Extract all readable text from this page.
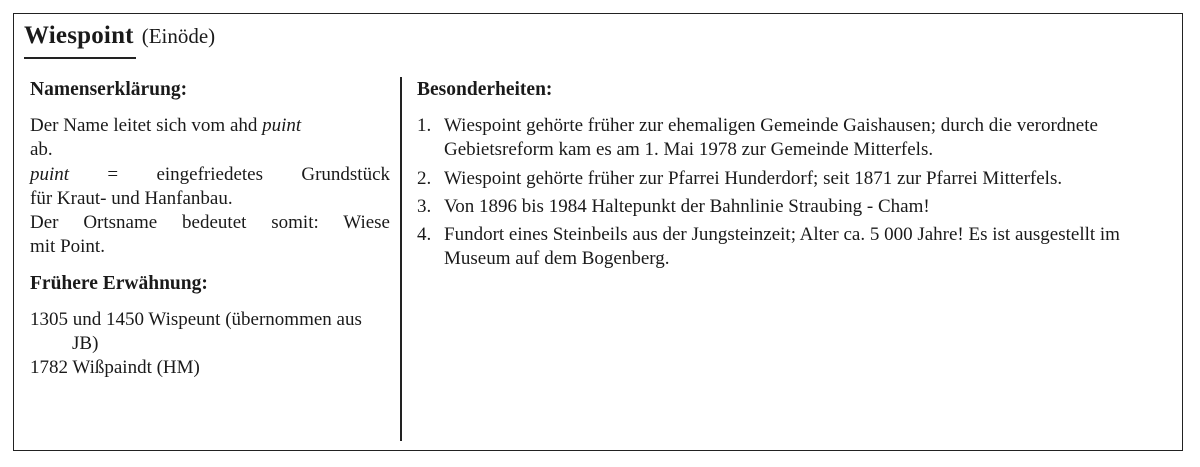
Wiespoint (Einöde)

Namenserklärung:

Der Name leitet sich vom ahd puint
ab.
puint = eingefriedetes Grundstück
für Kraut- und Hanfanbau.
Der Ortsname bedeutet somit: Wiese
mit Point.

Frühere Erwähnung:

1305 und 1450 Wispeunt (übernommen aus JB)

1782 Wißpaindt (HM)

Besonderheiten:

1. Wiespoint gehörte früher zur ehemaligen Gemeinde Gaishausen; durch die verordnete Gebietsreform kam es am 1. Mai 1978 zur Gemeinde Mitterfels.
2. Wiespoint gehörte früher zur Pfarrei Hunderdorf; seit 1871 zur Pfarrei Mitterfels.
3. Von 1896 bis 1984 Haltepunkt der Bahnlinie Straubing - Cham!
4. Fundort eines Steinbeils aus der Jungsteinzeit; Alter ca. 5 000 Jahre! Es ist ausgestellt im Museum auf dem Bogenberg.
